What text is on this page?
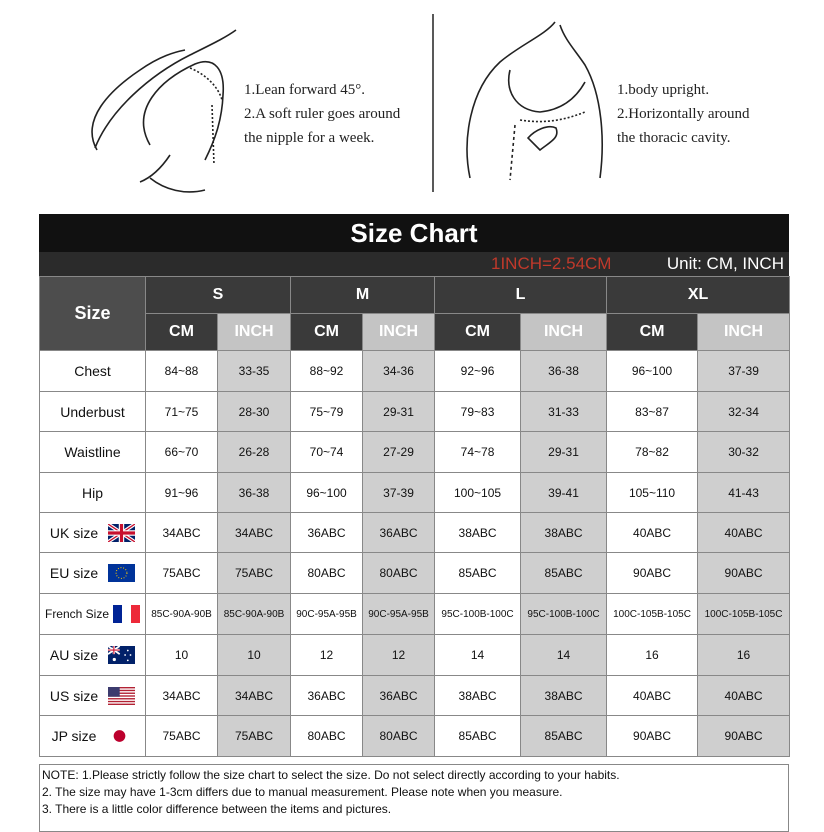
1.Lean forward 45°.
2.A soft ruler goes around
the nipple for a week.
1.body upright.
2.Horizontally around
the thoracic cavity.
Size Chart
1INCH=2.54CM	Unit: CM, INCH
Size	S		M		L		XL	
	CM	INCH	CM	INCH	CM	INCH	CM	INCH

Chest	84~88	33-35	88~92	34-36	92~96	36-38	96~100	37-39

Underbust	71~75	28-30	75~79	29-31	79~83	31-33	83~87	32-34

Waistline	66~70	26-28	70~74	27-29	74~78	29-31	78~82	30-32

Hip	91~96	36-38	96~100	37-39	100~105	39-41	105~110	41-43

UK size	34ABC	34ABC	36ABC	36ABC	38ABC	38ABC	40ABC	40ABC

EU size	75ABC	75ABC	80ABC	80ABC	85ABC	85ABC	90ABC	90ABC

French Size	85C-90A-90B	85C-90A-90B	90C-95A-95B	90C-95A-95B	95C-100B-100C	95C-100B-100C	100C-105B-105C	100C-105B-105C

AU size	10	10	12	12	14	14	16	16

US size	34ABC	34ABC	36ABC	36ABC	38ABC	38ABC	40ABC	40ABC

JP size	75ABC	75ABC	80ABC	80ABC	85ABC	85ABC	90ABC	90ABC
NOTE: 1.Please strictly follow the size chart to select the size. Do not select directly according to your habits.
2. The size may have 1-3cm differs due to manual measurement. Please note when you measure.
3. There is a little color difference between the items and pictures.
